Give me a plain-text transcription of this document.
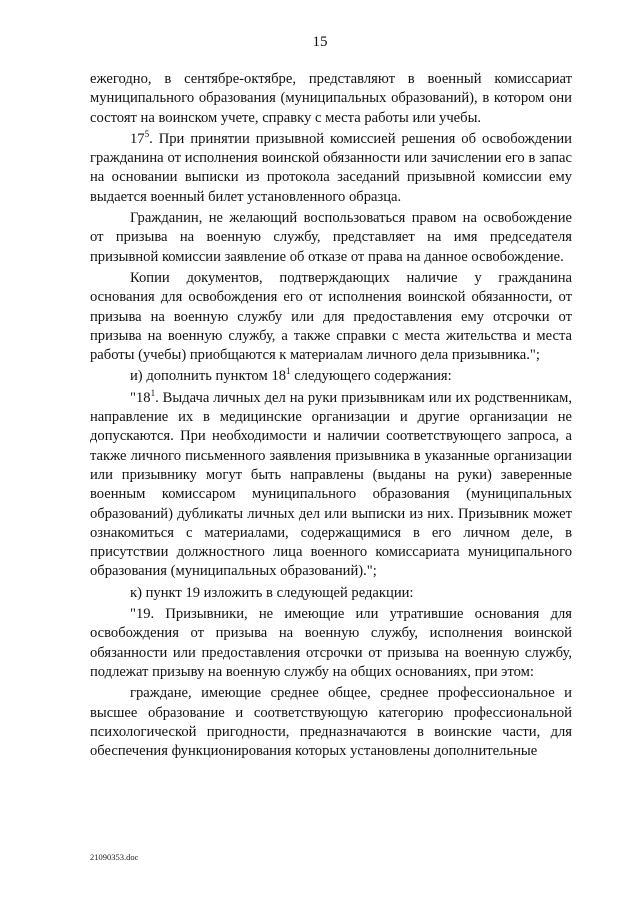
15

ежегодно, в сентябре-октябре, представляют в военный комиссариат муниципального образования (муниципальных образований), в котором они состоят на воинском учете, справку с места работы или учебы.

$17^5$. При принятии призывной комиссией решения об освобождении гражданина от исполнения воинской обязанности или зачислении его в запас на основании выписки из протокола заседаний призывной комиссии ему выдается военный билет установленного образца.

Гражданин, не желающий воспользоваться правом на освобождение от призыва на военную службу, представляет на имя председателя призывной комиссии заявление об отказе от права на данное освобождение.

Копии документов, подтверждающих наличие у гражданина основания для освобождения его от исполнения воинской обязанности, от призыва на военную службу или для предоставления ему отсрочки от призыва на военную службу, а также справки с места жительства и места работы (учебы) приобщаются к материалам личного дела призывника.";

и) дополнить пунктом $18^1$ следующего содержания:

"$18^1$. Выдача личных дел на руки призывникам или их родственникам, направление их в медицинские организации и другие организации не допускаются. При необходимости и наличии соответствующего запроса, а также личного письменного заявления призывника в указанные организации или призывнику могут быть направлены (выданы на руки) заверенные военным комиссаром муниципального образования (муниципальных образований) дубликаты личных дел или выписки из них. Призывник может ознакомиться с материалами, содержащимися в его личном деле, в присутствии должностного лица военного комиссариата муниципального образования (муниципальных образований).";

к) пункт 19 изложить в следующей редакции:

"19. Призывники, не имеющие или утратившие основания для освобождения от призыва на военную службу, исполнения воинской обязанности или предоставления отсрочки от призыва на военную службу, подлежат призыву на военную службу на общих основаниях, при этом:

граждане, имеющие среднее общее, среднее профессиональное и высшее образование и соответствующую категорию профессиональной психологической пригодности, предназначаются в воинские части, для обеспечения функционирования которых установлены дополнительные

21090353.doc
